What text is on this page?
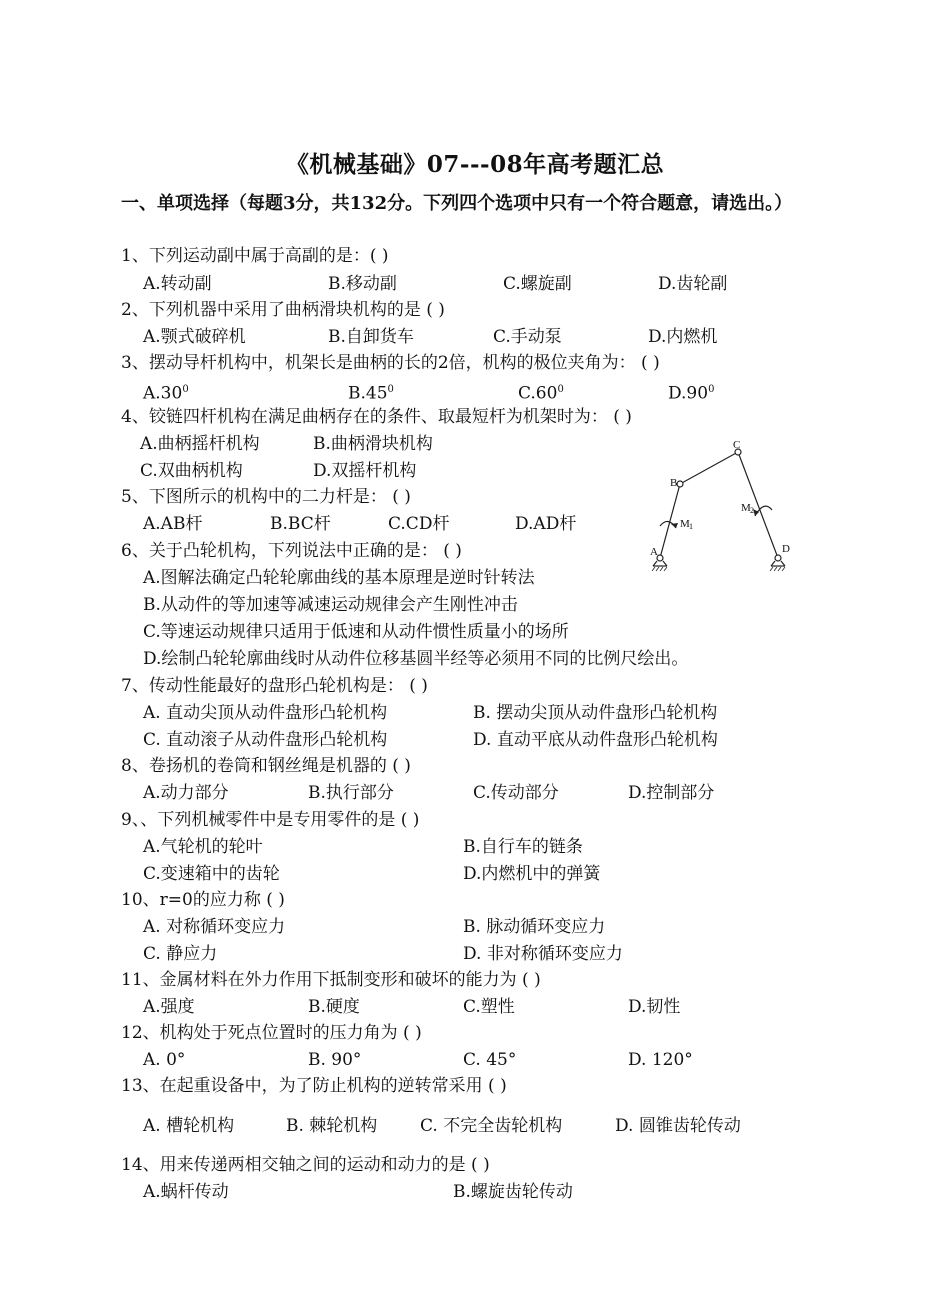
《机械基础》07---08年高考题汇总
一、单项选择（每题3分，共132分。下列四个选项中只有一个符合题意，请选出。）
1、下列运动副中属于高副的是：( )
A.转动副	B.移动副	C.螺旋副	D.齿轮副
2、下列机器中采用了曲柄滑块机构的是 ( )
A.颚式破碎机	B.自卸货车	C.手动泵	D.内燃机
3、摆动导杆机构中，机架长是曲柄的长的2倍，机构的极位夹角为： ( )
$A.30^0$	$B.45^0$	$C.60^0$	$D.90^0$
4、铰链四杆机构在满足曲柄存在的条件、取最短杆为机架时为： ( )
A.曲柄摇杆机构	B.曲柄滑块机构
C.双曲柄机构	D.双摇杆机构
5、下图所示的机构中的二力杆是： ( )
A.AB杆	B.BC杆	C.CD杆	D.AD杆
A
B
C
D
M 1
M 2
6、关于凸轮机构，下列说法中正确的是： ( )
A.图解法确定凸轮轮廓曲线的基本原理是逆时针转法
B.从动件的等加速等减速运动规律会产生刚性冲击
C.等速运动规律只适用于低速和从动件惯性质量小的场所
D.绘制凸轮轮廓曲线时从动件位移基圆半经等必须用不同的比例尺绘出。
7、传动性能最好的盘形凸轮机构是： ( )
A. 直动尖顶从动件盘形凸轮机构	B. 摆动尖顶从动件盘形凸轮机构
C. 直动滚子从动件盘形凸轮机构	D. 直动平底从动件盘形凸轮机构
8、卷扬机的卷筒和钢丝绳是机器的 ( )
A.动力部分	B.执行部分	C.传动部分	D.控制部分
9、、下列机械零件中是专用零件的是 ( )
A.气轮机的轮叶	B.自行车的链条
C.变速箱中的齿轮	D.内燃机中的弹簧
10、r=0的应力称 ( )
A. 对称循环变应力	B. 脉动循环变应力
C. 静应力	D. 非对称循环变应力
11、金属材料在外力作用下抵制变形和破坏的能力为 ( )
A.强度	B.硬度	C.塑性	D.韧性
12、机构处于死点位置时的压力角为 ( )
A. 0°	B. 90°	C. 45°	D. 120°
13、在起重设备中，为了防止机构的逆转常采用 ( )
A. 槽轮机构	B. 棘轮机构	C. 不完全齿轮机构	D. 圆锥齿轮传动
14、用来传递两相交轴之间的运动和动力的是 ( )
A.蜗杆传动	B.螺旋齿轮传动
